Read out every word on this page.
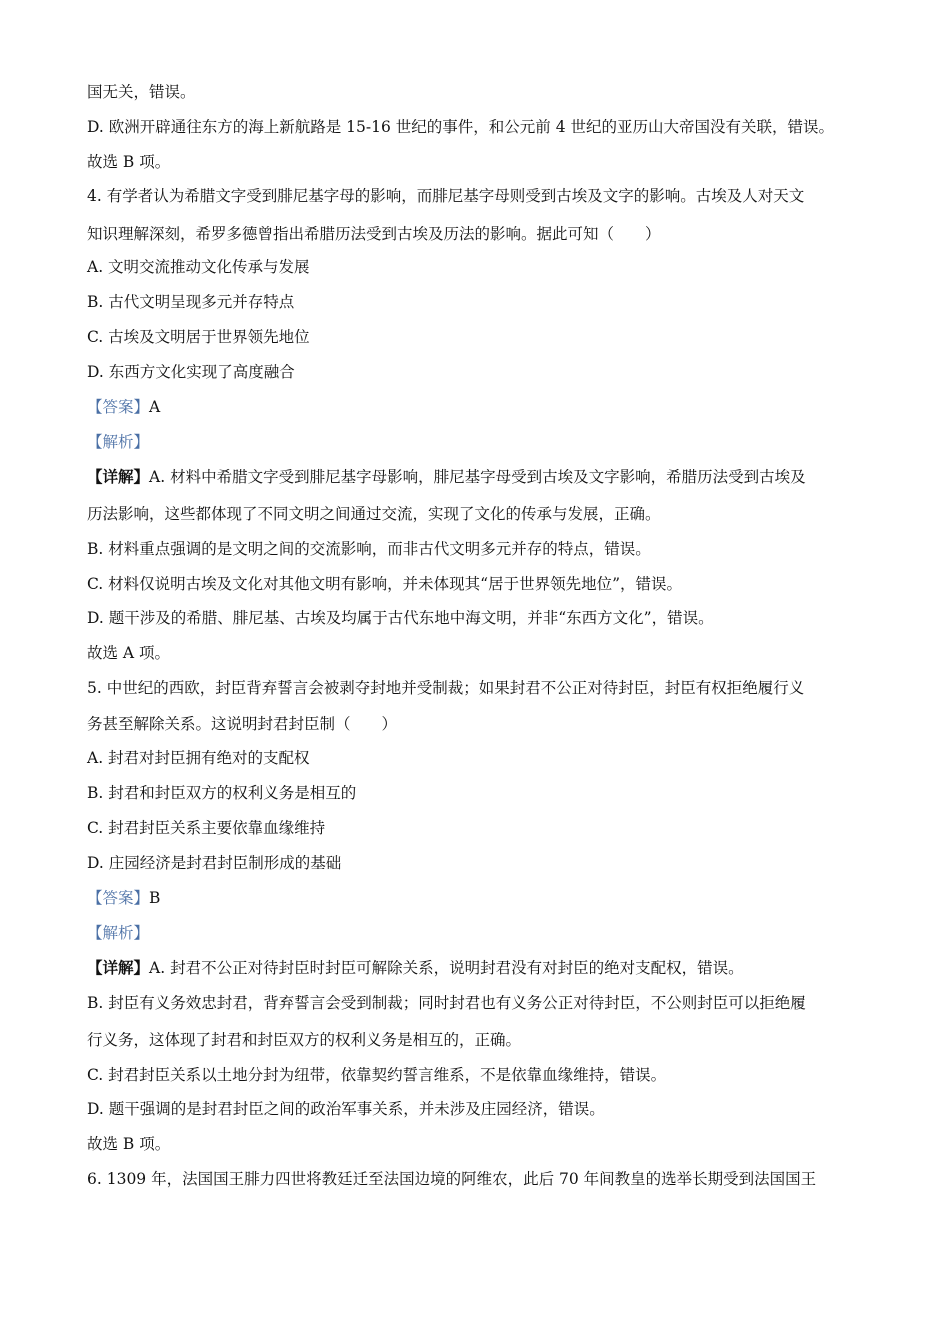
国无关，错误。
D. 欧洲开辟通往东方的海上新航路是 15-16 世纪的事件，和公元前 4 世纪的亚历山大帝国没有关联，错误。
故选 B 项。
4. 有学者认为希腊文字受到腓尼基字母的影响，而腓尼基字母则受到古埃及文字的影响。古埃及人对天文
知识理解深刻，希罗多德曾指出希腊历法受到古埃及历法的影响。据此可知（　　）
A. 文明交流推动文化传承与发展
B. 古代文明呈现多元并存特点
C. 古埃及文明居于世界领先地位
D. 东西方文化实现了高度融合
【答案】A
【解析】
【详解】A. 材料中希腊文字受到腓尼基字母影响，腓尼基字母受到古埃及文字影响，希腊历法受到古埃及
历法影响，这些都体现了不同文明之间通过交流，实现了文化的传承与发展，正确。
B. 材料重点强调的是文明之间的交流影响，而非古代文明多元并存的特点，错误。
C. 材料仅说明古埃及文化对其他文明有影响，并未体现其“居于世界领先地位”，错误。
D. 题干涉及的希腊、腓尼基、古埃及均属于古代东地中海文明，并非“东西方文化”，错误。
故选 A 项。
5. 中世纪的西欧，封臣背弃誓言会被剥夺封地并受制裁；如果封君不公正对待封臣，封臣有权拒绝履行义
务甚至解除关系。这说明封君封臣制（　　）
A. 封君对封臣拥有绝对的支配权
B. 封君和封臣双方的权利义务是相互的
C. 封君封臣关系主要依靠血缘维持
D. 庄园经济是封君封臣制形成的基础
【答案】B
【解析】
【详解】A. 封君不公正对待封臣时封臣可解除关系，说明封君没有对封臣的绝对支配权，错误。
B. 封臣有义务效忠封君，背弃誓言会受到制裁；同时封君也有义务公正对待封臣，不公则封臣可以拒绝履
行义务，这体现了封君和封臣双方的权利义务是相互的，正确。
C. 封君封臣关系以土地分封为纽带，依靠契约誓言维系，不是依靠血缘维持，错误。
D. 题干强调的是封君封臣之间的政治军事关系，并未涉及庄园经济，错误。
故选 B 项。
6. 1309 年，法国国王腓力四世将教廷迁至法国边境的阿维农，此后 70 年间教皇的选举长期受到法国国王
